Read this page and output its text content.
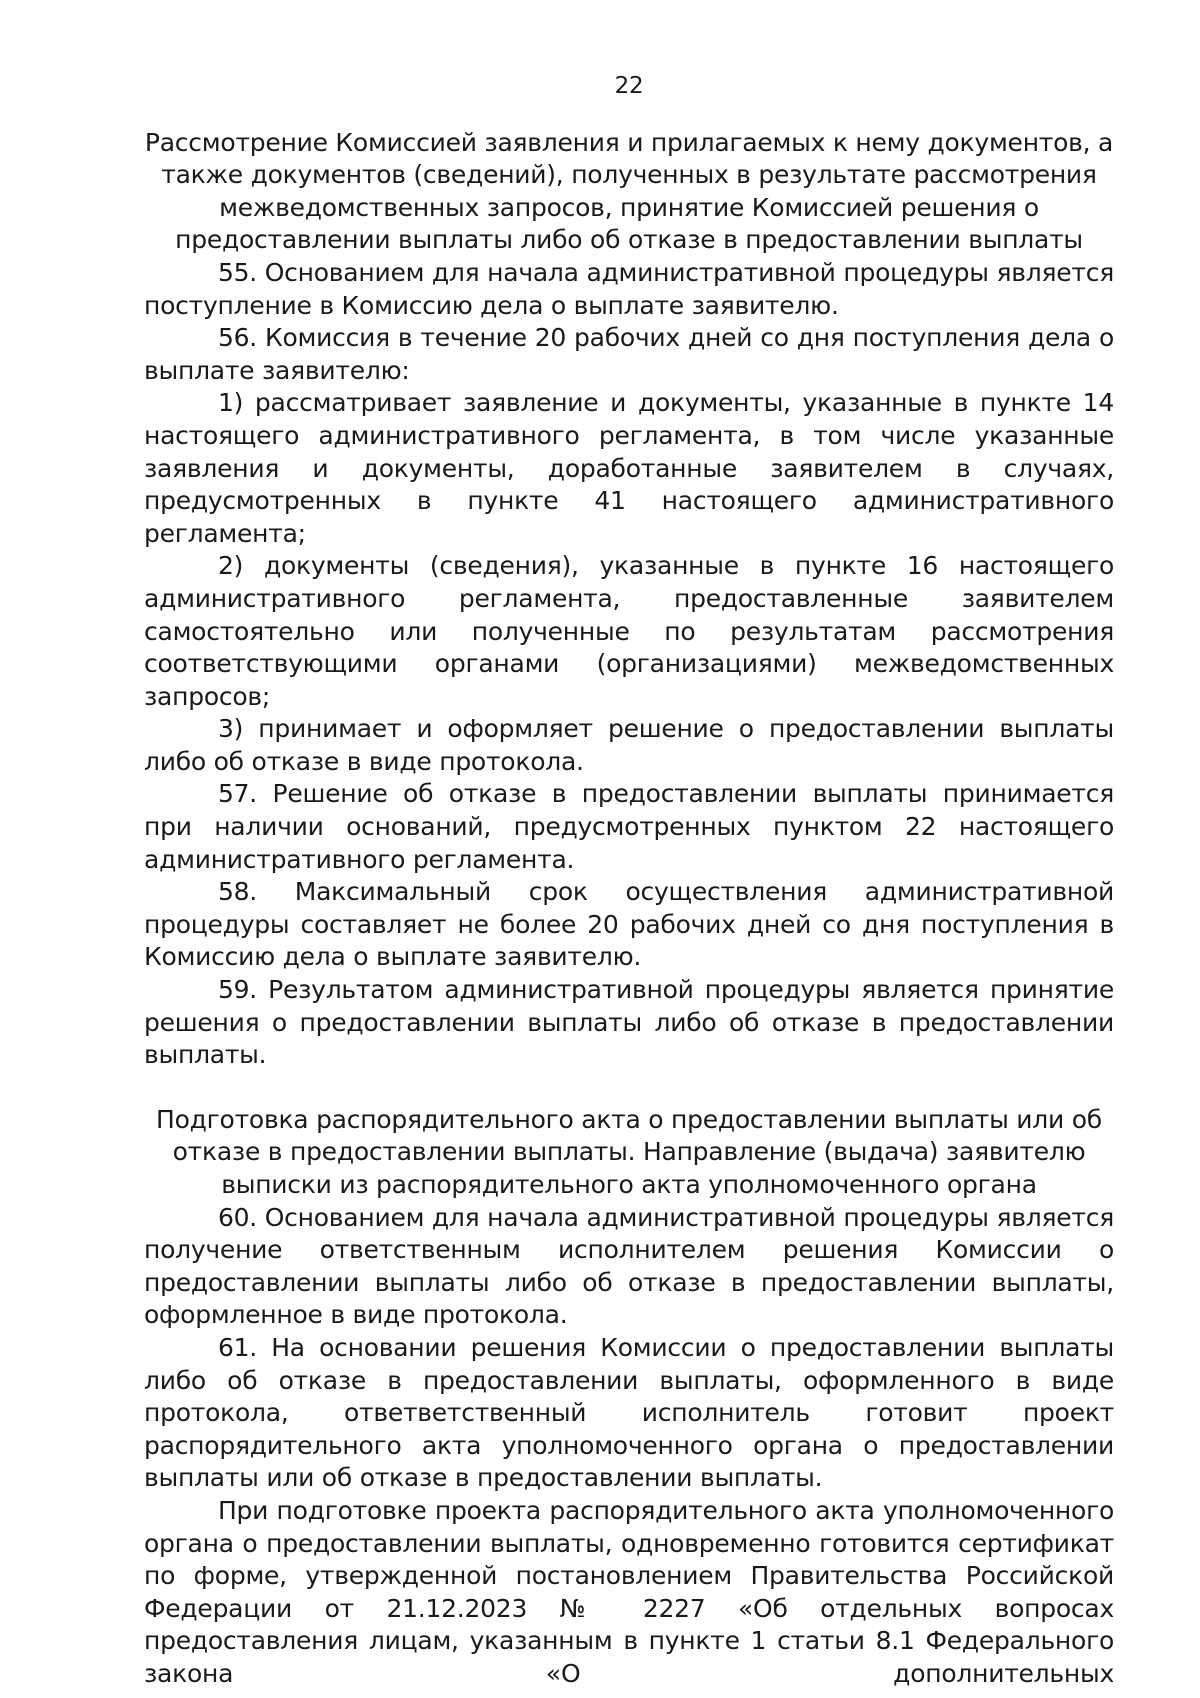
22

Рассмотрение Комиссией заявления и прилагаемых к нему документов, а также документов (сведений), полученных в результате рассмотрения межведомственных запросов, принятие Комиссией решения о предоставлении выплаты либо об отказе в предоставлении выплаты

55. Основанием для начала административной процедуры является поступление в Комиссию дела о выплате заявителю.

56. Комиссия в течение 20 рабочих дней со дня поступления дела о выплате заявителю:

1) рассматривает заявление и документы, указанные в пункте 14 настоящего административного регламента, в том числе указанные заявления и документы, доработанные заявителем в случаях, предусмотренных в пункте 41 настоящего административного регламента;

2) документы (сведения), указанные в пункте 16 настоящего административного регламента, предоставленные заявителем самостоятельно или полученные по результатам рассмотрения соответствующими органами (организациями) межведомственных запросов;

3) принимает и оформляет решение о предоставлении выплаты либо об отказе в виде протокола.

57. Решение об отказе в предоставлении выплаты принимается при наличии оснований, предусмотренных пунктом 22 настоящего административного регламента.

58. Максимальный срок осуществления административной процедуры составляет не более 20 рабочих дней со дня поступления в Комиссию дела о выплате заявителю.

59. Результатом административной процедуры является принятие решения о предоставлении выплаты либо об отказе в предоставлении выплаты.

Подготовка распорядительного акта о предоставлении выплаты или об отказе в предоставлении выплаты. Направление (выдача) заявителю выписки из распорядительного акта уполномоченного органа

60. Основанием для начала административной процедуры является получение ответственным исполнителем решения Комиссии о предоставлении выплаты либо об отказе в предоставлении выплаты, оформленное в виде протокола.

61. На основании решения Комиссии о предоставлении выплаты либо об отказе в предоставлении выплаты, оформленного в виде протокола, ответветственный исполнитель готовит проект распорядительного акта уполномоченного органа о предоставлении выплаты или об отказе в предоставлении выплаты.

При подготовке проекта распорядительного акта уполномоченного органа о предоставлении выплаты, одновременно готовится сертификат по форме, утвержденной постановлением Правительства Российской Федерации от 21.12.2023 № 2227 «Об отдельных вопросах предоставления лицам, указанным в пункте 1 статьи 8.1 Федерального закона «О дополнительных
